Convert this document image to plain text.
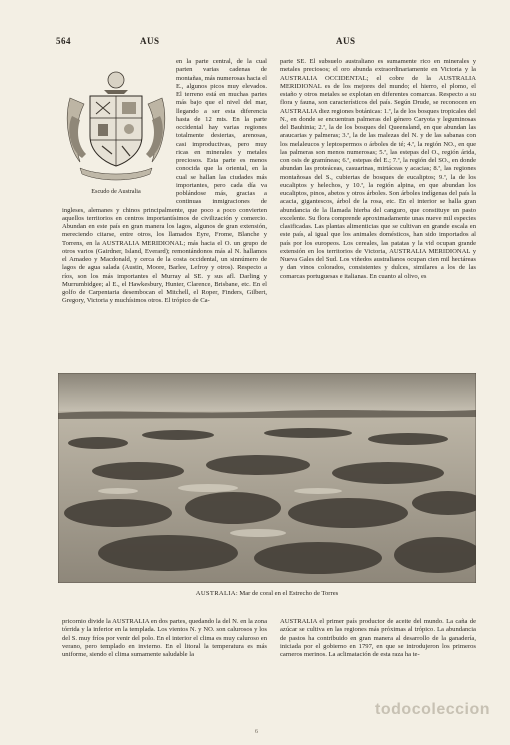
564	AUS	AUS
Escudo de Australia
en la parte central, de la cual parten varias cadenas de montañas, más numerosas hacia el E., algunos picos muy elevados. El terreno está en muchas partes más bajo que el nivel del mar, llegando a ser esta diferencia hasta de 12 mts. En la parte occidental hay varias regiones totalmente desiertas, arenosas, casi improductivas, pero muy ricas en minerales y metales preciosos. Esta parte es menos conocida que la oriental, en la cual se hallan las ciudades más importantes, pero cada día va poblándose más, gracias a continuas inmigraciones de ingleses, alemanes y chinos principalmente, que poco a poco convierten aquellos territorios en centros importantísimos de civilización y comercio. Abundan en este país en gran manera los lagos, algunos de gran extensión, mereciendo citarse, entre otros, los llamados Eyre, Frome, Blanche y Torrens, en la AUSTRALIA MERIDIONAL; más hacia el O. un grupo de otros varios (Gairdner, Island, Everard); remontándonos más al N. hallamos el Amadeo y Macdonald, y cerca de la costa occidental, un sinnúmero de lagos de agua salada (Austin, Moore, Barlee, Lefroy y otros). Respecto a ríos, son los más importantes el Murray al SE. y sus afl. Darling y Murrumbidgee; al E., el Hawkesbury, Hunter, Clarence, Brisbane, etc. En el golfo de Carpentaria desembocan el Mitchell, el Roper, Finders, Gilbert, Gregory, Victoria y muchísimos otros. El trópico de Ca-
parte SE. El subsuelo australiano es sumamente rico en minerales y metales preciosos; el oro abunda extraordinariamente en Victoria y la AUSTRALIA OCCIDENTAL; el cobre de la AUSTRALIA MERIDIONAL es de los mejores del mundo; el hierro, el plomo, el estaño y otros metales se explotan en diferentes comarcas. Respecto a su flora y fauna, son característicos del país. Según Drude, se reconocen en AUSTRALIA diez regiones botánicas: 1.ª, la de los bosques tropicales del N., en donde se encuentran palmeras del género Caryota y leguminosas del Bauhinia; 2.ª, la de los bosques del Queensland, en que abundan las araucarias y palmeras; 3.ª, la de las malezas del N. y de las sabanas con los melaleucos y leptospermos o árboles de té; 4.ª, la región NO., en que las palmeras son menos numerosas; 5.ª, las estepas del O., región árida, con osis de gramíneas; 6.ª, estepas del E.; 7.ª, la región del SO., en donde abundan las proteáceas, casuarinas, mirtáceas y acacias; 8.ª, las regiones montañosas del S., cubiertas de bosques de eucaliptos; 9.ª, la de los eucaliptos y helechos, y 10.ª, la región alpina, en que abundan los eucaliptos, pinos, abetos y otros árboles. Son árboles indígenas del país la acacia, gigantescos, árbol de la rosa, etc. En el interior se halla gran abundancia de la llamada hierba del canguro, que constituye un pasto excelente. Su flora comprende aproximadamente unas nueve mil especies clasificadas. Las plantas alimenticias que se cultivan en grande escala en este país, al igual que los animales domésticos, han sido importados al país por los europeos. Los cereales, las patatas y la vid ocupan grande extensión en los territorios de Victoria, AUSTRALIA MERIDIONAL y Nueva Gales del Sud. Los viñedos australianos ocupan cien mil hectáreas y dan vinos colorados, consistentes y dulces, similares a los de las comarcas portuguesas e italianas. En cuanto al olivo, es
AUSTRALIA: Mar de coral en el Estrecho de Torres
pricornio divide la AUSTRALIA en dos partes, quedando la del N. en la zona tórrida y la inferior en la templada. Los vientos N. y NO. son calurosos y los del S. muy fríos por venir del polo. En el interior el clima es muy caluroso en verano, pero templado en invierno. En el litoral la temperatura es más uniforme, siendo el clima sumamente saludable la
AUSTRALIA el primer país productor de aceite del mundo. La caña de azúcar se cultiva en las regiones más próximas al trópico. La abundancia de pastos ha contribuido en gran manera al desarrollo de la ganadería, iniciada por el gobierno en 1797, en que se introdujeron los primeros carneros merinos. La aclimatación de esta raza ha te-
todocoleccion
6
